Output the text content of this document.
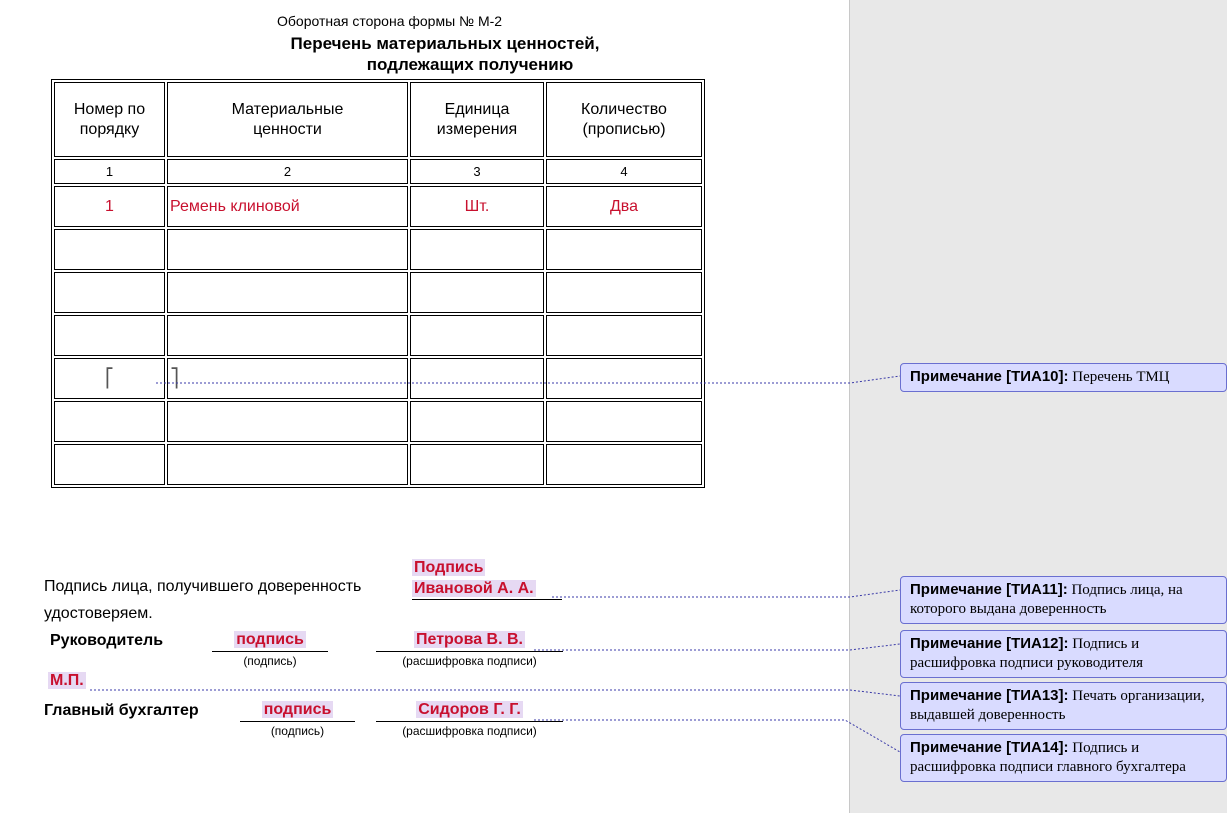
Оборотная сторона формы № М-2
Перечень материальных ценностей,
подлежащих получению
Номер по порядку	Материальные ценности	Единица измерения	Количество (прописью)
1	2	3	4
1	Ремень клиновой	Шт.	Два

⎡	⎤		

Подпись лица, получившего доверенность
Подпись
Ивановой А. А.
удостоверяем.
Руководитель	подпись
(подпись)
Петрова В. В.
(расшифровка подписи)
М.П.
Главный бухгалтер	подпись
(подпись)
Сидоров Г. Г.
(расшифровка подписи)
Примечание [ТИА10]: Перечень ТМЦ
Примечание [ТИА11]: Подпись лица, на которого выдана доверенность
Примечание [ТИА12]: Подпись и расшифровка подписи руководителя
Примечание [ТИА13]: Печать организации, выдавшей доверенность
Примечание [ТИА14]: Подпись и расшифровка подписи главного бухгалтера
